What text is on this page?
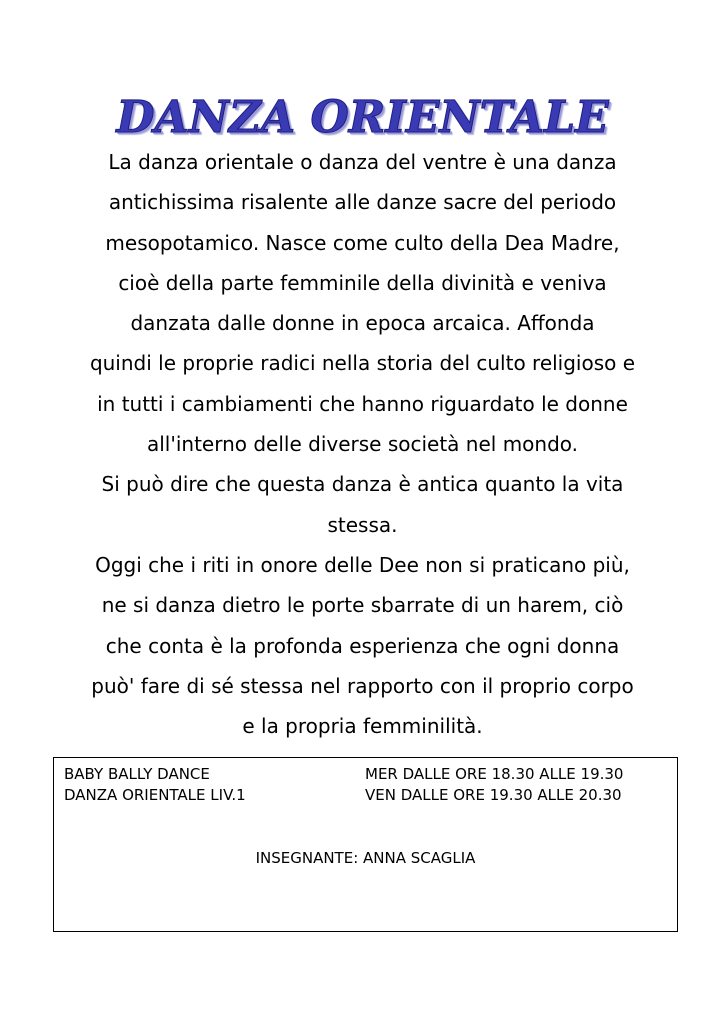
DANZA ORIENTALE
La danza orientale o danza del ventre è una danza
antichissima risalente alle danze sacre del periodo
mesopotamico. Nasce come culto della Dea Madre,
cioè della parte femminile della divinità e veniva
danzata dalle donne in epoca arcaica. Affonda
quindi le proprie radici nella storia del culto religioso e
in tutti i cambiamenti che hanno riguardato le donne
all'interno delle diverse società nel mondo.
Si può dire che questa danza è antica quanto la vita
stessa.
Oggi che i riti in onore delle Dee non si praticano più,
ne si danza dietro le porte sbarrate di un harem, ciò
che conta è la profonda esperienza che ogni donna
può' fare di sé stessa nel rapporto con il proprio corpo
e la propria femminilità.
BABY BALLY DANCE	MER DALLE ORE 18.30 ALLE 19.30
DANZA ORIENTALE LIV.1	VEN DALLE ORE 19.30 ALLE 20.30
INSEGNANTE: ANNA SCAGLIA
